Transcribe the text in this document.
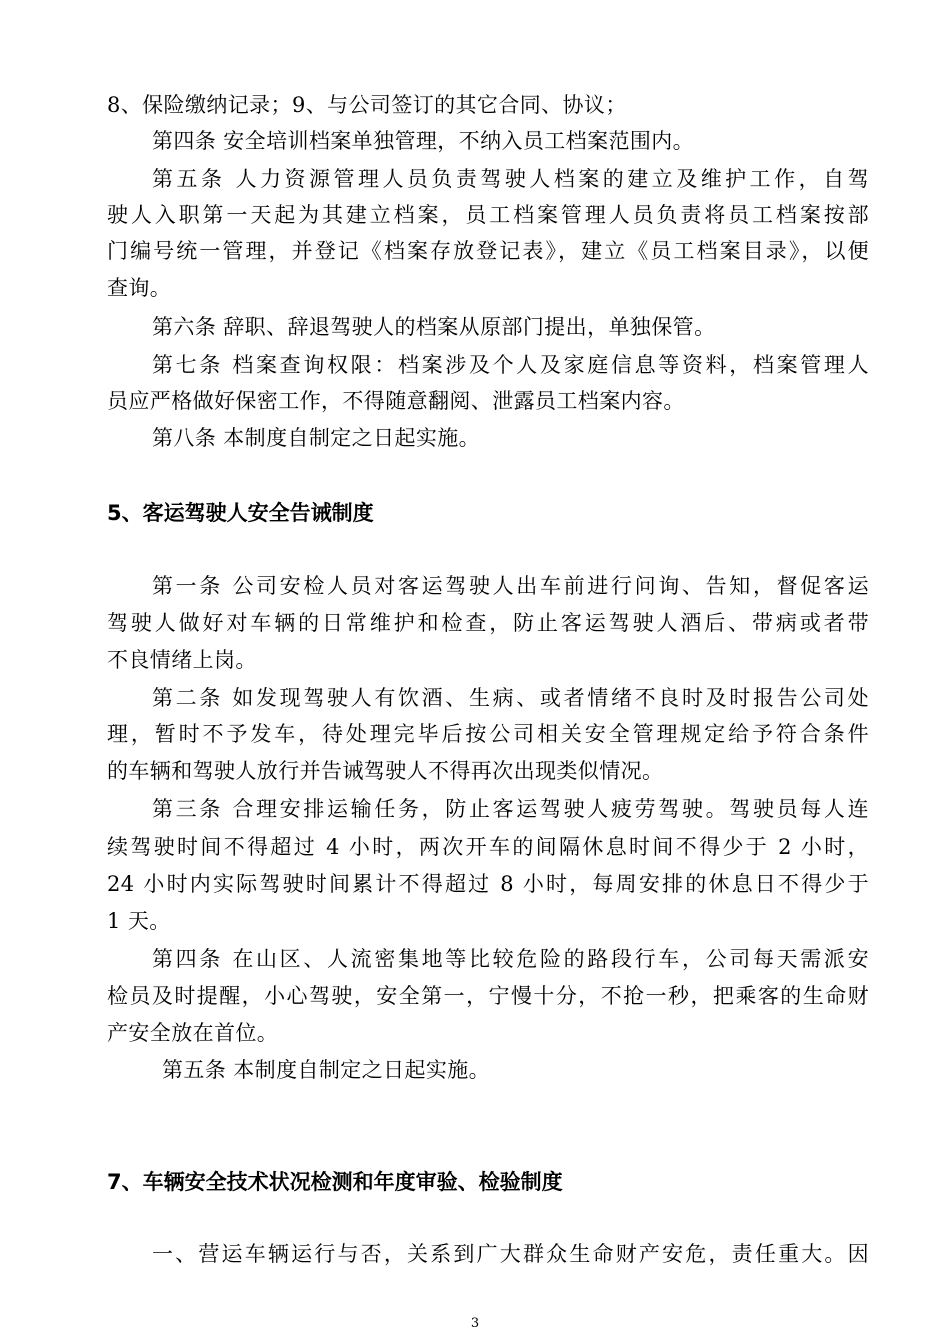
8、保险缴纳记录；9、与公司签订的其它合同、协议；
第四条 安全培训档案单独管理，不纳入员工档案范围内。
第五条 人力资源管理人员负责驾驶人档案的建立及维护工作，自驾
驶人入职第一天起为其建立档案，员工档案管理人员负责将员工档案按部
门编号统一管理，并登记《档案存放登记表》，建立《员工档案目录》，以便
查询。
第六条 辞职、辞退驾驶人的档案从原部门提出，单独保管。
第七条 档案查询权限：档案涉及个人及家庭信息等资料，档案管理人
员应严格做好保密工作，不得随意翻阅、泄露员工档案内容。
第八条 本制度自制定之日起实施。
5、客运驾驶人安全告诫制度
第一条 公司安检人员对客运驾驶人出车前进行问询、告知，督促客运
驾驶人做好对车辆的日常维护和检查，防止客运驾驶人酒后、带病或者带
不良情绪上岗。
第二条 如发现驾驶人有饮酒、生病、或者情绪不良时及时报告公司处
理，暂时不予发车，待处理完毕后按公司相关安全管理规定给予符合条件
的车辆和驾驶人放行并告诫驾驶人不得再次出现类似情况。
第三条 合理安排运输任务，防止客运驾驶人疲劳驾驶。驾驶员每人连
续驾驶时间不得超过 4 小时，两次开车的间隔休息时间不得少于 2 小时，
24 小时内实际驾驶时间累计不得超过 8 小时，每周安排的休息日不得少于
1 天。
第四条 在山区、人流密集地等比较危险的路段行车，公司每天需派安
检员及时提醒，小心驾驶，安全第一，宁慢十分，不抢一秒，把乘客的生命财
产安全放在首位。
第五条 本制度自制定之日起实施。
7、车辆安全技术状况检测和年度审验、检验制度
一、营运车辆运行与否，关系到广大群众生命财产安危，责任重大。因
3
